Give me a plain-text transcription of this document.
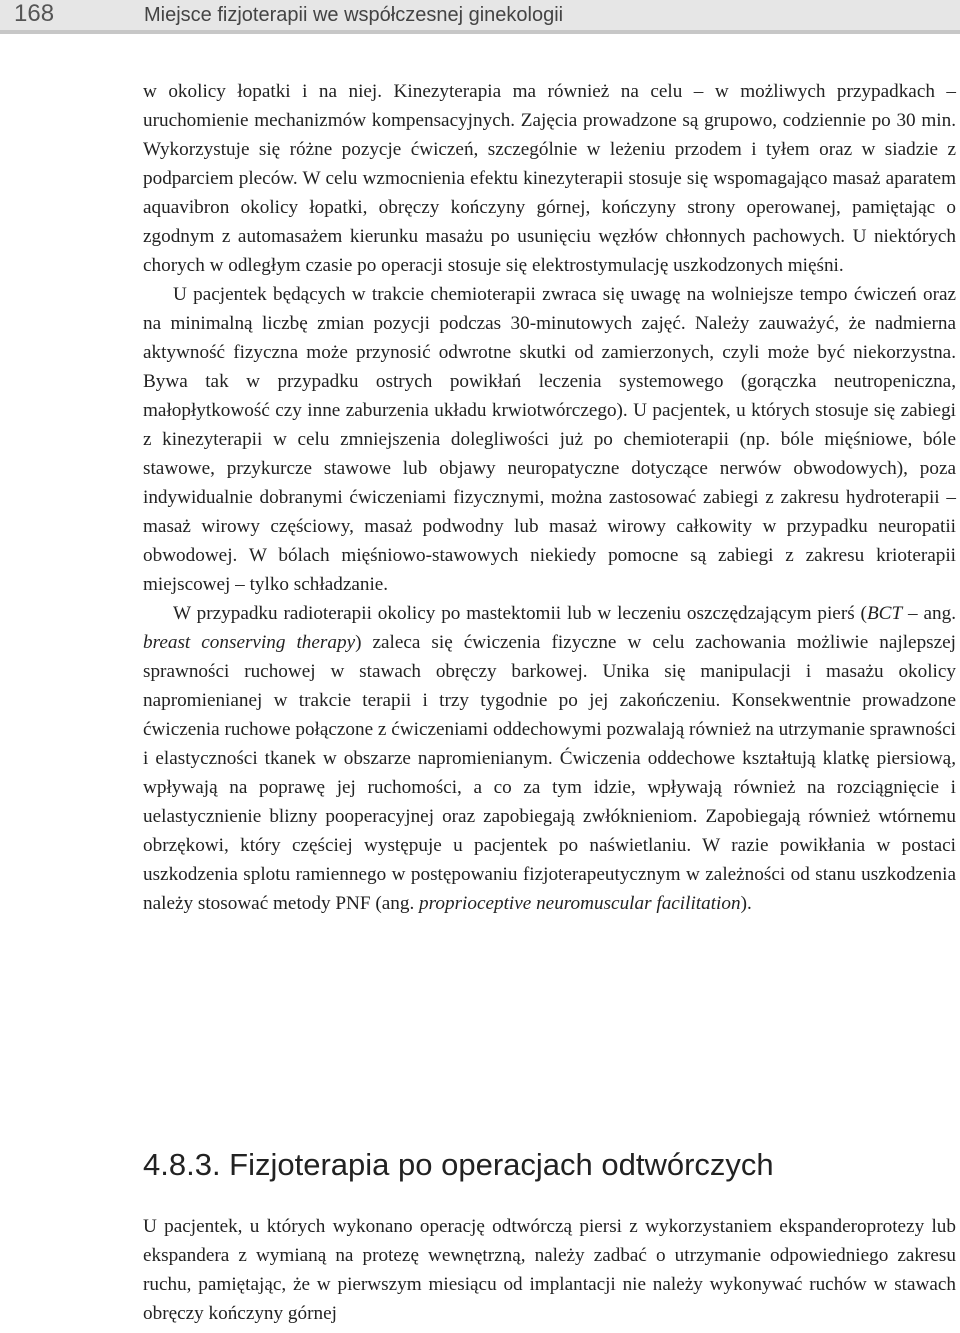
168	Miejsce fizjoterapii we współczesnej ginekologii

w okolicy łopatki i na niej. Kinezyterapia ma również na celu – w możliwych przypadkach – uruchomienie mechanizmów kompensacyjnych. Zajęcia prowadzone są grupowo, codziennie po 30 min. Wykorzystuje się różne pozycje ćwiczeń, szczególnie w leżeniu przodem i tyłem oraz w siadzie z podparciem pleców. W celu wzmocnienia efektu kinezyterapii stosuje się wspomagająco masaż aparatem aquavibron okolicy łopatki, obręczy kończyny górnej, kończyny strony operowanej, pamiętając o zgodnym z automasażem kierunku masażu po usunięciu węzłów chłonnych pachowych. U niektórych chorych w odległym czasie po operacji stosuje się elektrostymulację uszkodzonych mięśni.

U pacjentek będących w trakcie chemioterapii zwraca się uwagę na wolniejsze tempo ćwiczeń oraz na minimalną liczbę zmian pozycji podczas 30-minutowych zajęć. Należy zauważyć, że nadmierna aktywność fizyczna może przynosić odwrotne skutki od zamierzonych, czyli może być niekorzystna. Bywa tak w przypadku ostrych powikłań leczenia systemowego (gorączka neutropeniczna, małopłytkowość czy inne zaburzenia układu krwiotwórczego). U pacjentek, u których stosuje się zabiegi z kinezyterapii w celu zmniejszenia dolegliwości już po chemioterapii (np. bóle mięśniowe, bóle stawowe, przykurcze stawowe lub objawy neuropatyczne dotyczące nerwów obwodowych), poza indywidualnie dobranymi ćwiczeniami fizycznymi, można zastosować zabiegi z zakresu hydroterapii – masaż wirowy częściowy, masaż podwodny lub masaż wirowy całkowity w przypadku neuropatii obwodowej. W bólach mięśniowo-stawowych niekiedy pomocne są zabiegi z zakresu krioterapii miejscowej – tylko schładzanie.

W przypadku radioterapii okolicy po mastektomii lub w leczeniu oszczędzającym pierś (BCT – ang. breast conserving therapy) zaleca się ćwiczenia fizyczne w celu zachowania możliwie najlepszej sprawności ruchowej w stawach obręczy barkowej. Unika się manipulacji i masażu okolicy napromienianej w trakcie terapii i trzy tygodnie po jej zakończeniu. Konsekwentnie prowadzone ćwiczenia ruchowe połączone z ćwiczeniami oddechowymi pozwalają również na utrzymanie sprawności i elastyczności tkanek w obszarze napromienianym. Ćwiczenia oddechowe kształtują klatkę piersiową, wpływają na poprawę jej ruchomości, a co za tym idzie, wpływają również na rozciągnięcie i uelastycznienie blizny pooperacyjnej oraz zapobiegają zwłóknieniom. Zapobiegają również wtórnemu obrzękowi, który częściej występuje u pacjentek po naświetlaniu. W razie powikłania w postaci uszkodzenia splotu ramiennego w postępowaniu fizjoterapeutycznym w zależności od stanu uszkodzenia należy stosować metody PNF (ang. proprioceptive neuromuscular facilitation).

4.8.3. Fizjoterapia po operacjach odtwórczych

U pacjentek, u których wykonano operację odtwórczą piersi z wykorzystaniem ekspanderoprotezy lub ekspandera z wymianą na protezę wewnętrzną, należy zadbać o utrzymanie odpowiedniego zakresu ruchu, pamiętając, że w pierwszym miesiącu od implantacji nie należy wykonywać ruchów w stawach obręczy kończyny górnej
